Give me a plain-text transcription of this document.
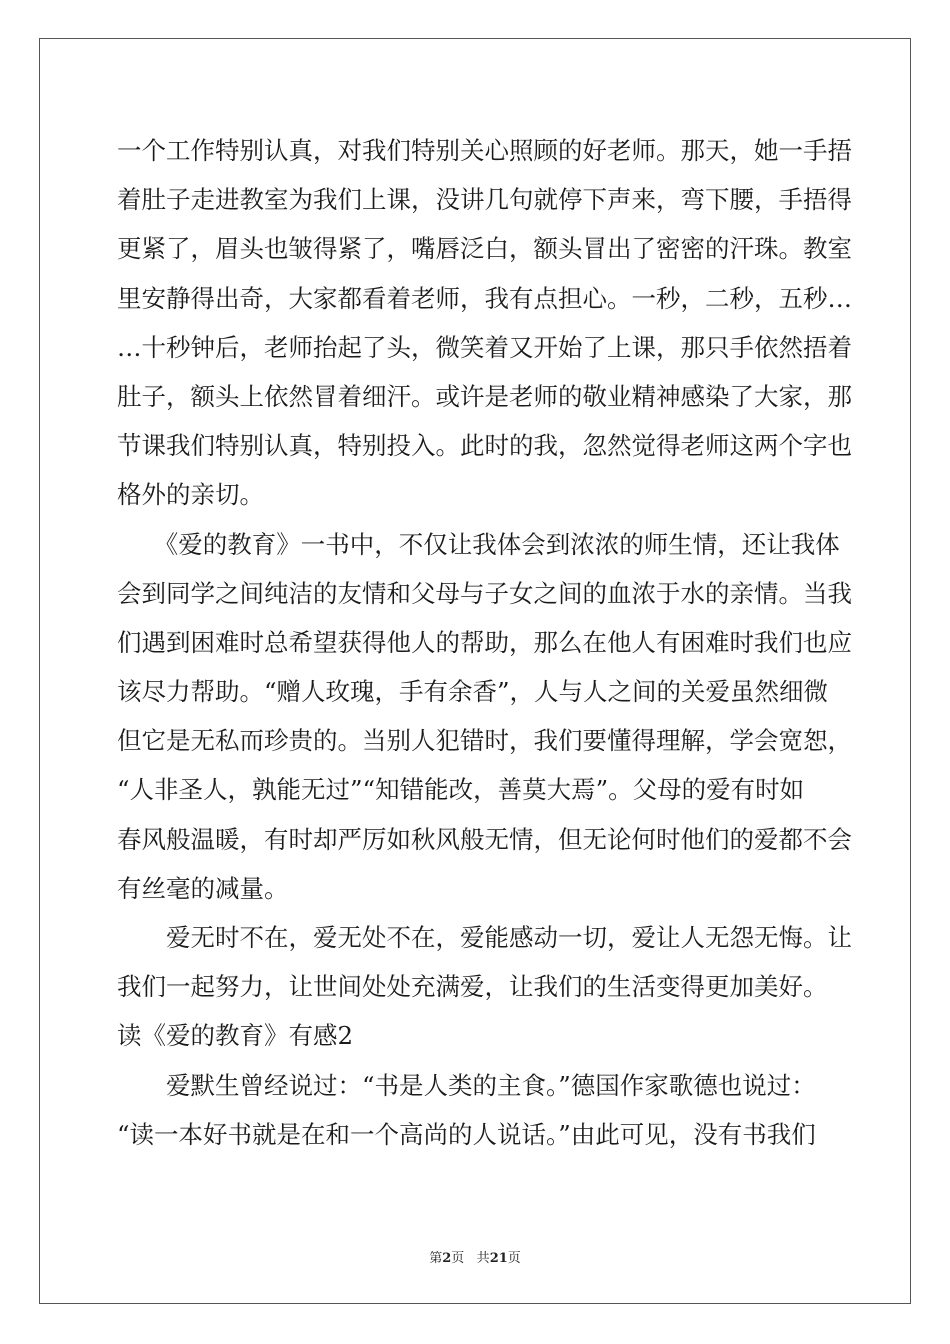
一个工作特别认真，对我们特别关心照顾的好老师。那天，她一手捂
着肚子走进教室为我们上课，没讲几句就停下声来，弯下腰，手捂得
更紧了，眉头也皱得紧了，嘴唇泛白，额头冒出了密密的汗珠。教室
里安静得出奇，大家都看着老师，我有点担心。一秒，二秒，五秒…
…十秒钟后，老师抬起了头，微笑着又开始了上课，那只手依然捂着
肚子，额头上依然冒着细汗。或许是老师的敬业精神感染了大家，那
节课我们特别认真，特别投入。此时的我，忽然觉得老师这两个字也
格外的亲切。
　　《爱的教育》一书中，不仅让我体会到浓浓的师生情，还让我体
会到同学之间纯洁的友情和父母与子女之间的血浓于水的亲情。当我
们遇到困难时总希望获得他人的帮助，那么在他人有困难时我们也应
该尽力帮助。“赠人玫瑰，手有余香”，人与人之间的关爱虽然细微
但它是无私而珍贵的。当别人犯错时，我们要懂得理解，学会宽恕，
“人非圣人，孰能无过”“知错能改，善莫大焉”。父母的爱有时如
春风般温暖，有时却严厉如秋风般无情，但无论何时他们的爱都不会
有丝毫的减量。
　　爱无时不在，爱无处不在，爱能感动一切，爱让人无怨无悔。让
我们一起努力，让世间处处充满爱，让我们的生活变得更加美好。
读《爱的教育》有感2
　　爱默生曾经说过：“书是人类的主食。”德国作家歌德也说过：
“读一本好书就是在和一个高尚的人说话。”由此可见，没有书我们
第2页 共21页
